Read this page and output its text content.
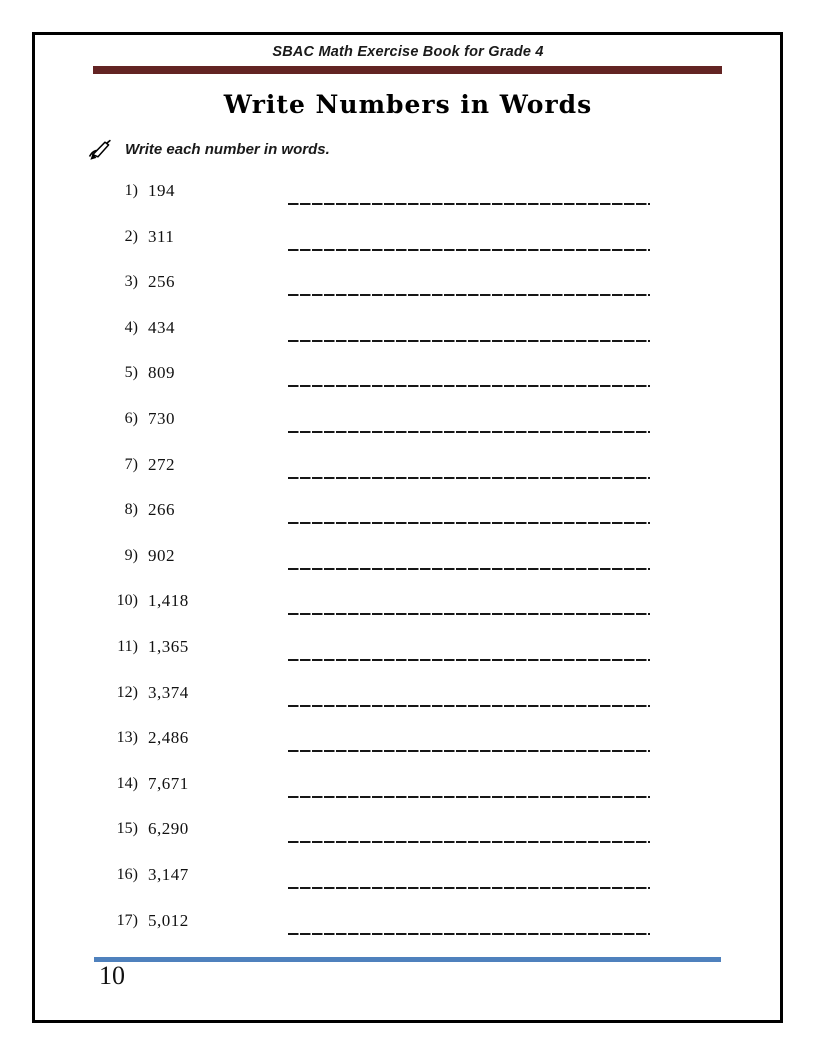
SBAC Math Exercise Book for Grade 4
Write Numbers in Words
Write each number in words.
1) 194
2) 311
3) 256
4) 434
5) 809
6) 730
7) 272
8) 266
9) 902
10) 1,418
11) 1,365
12) 3,374
13) 2,486
14) 7,671
15) 6,290
16) 3,147
17) 5,012
10
